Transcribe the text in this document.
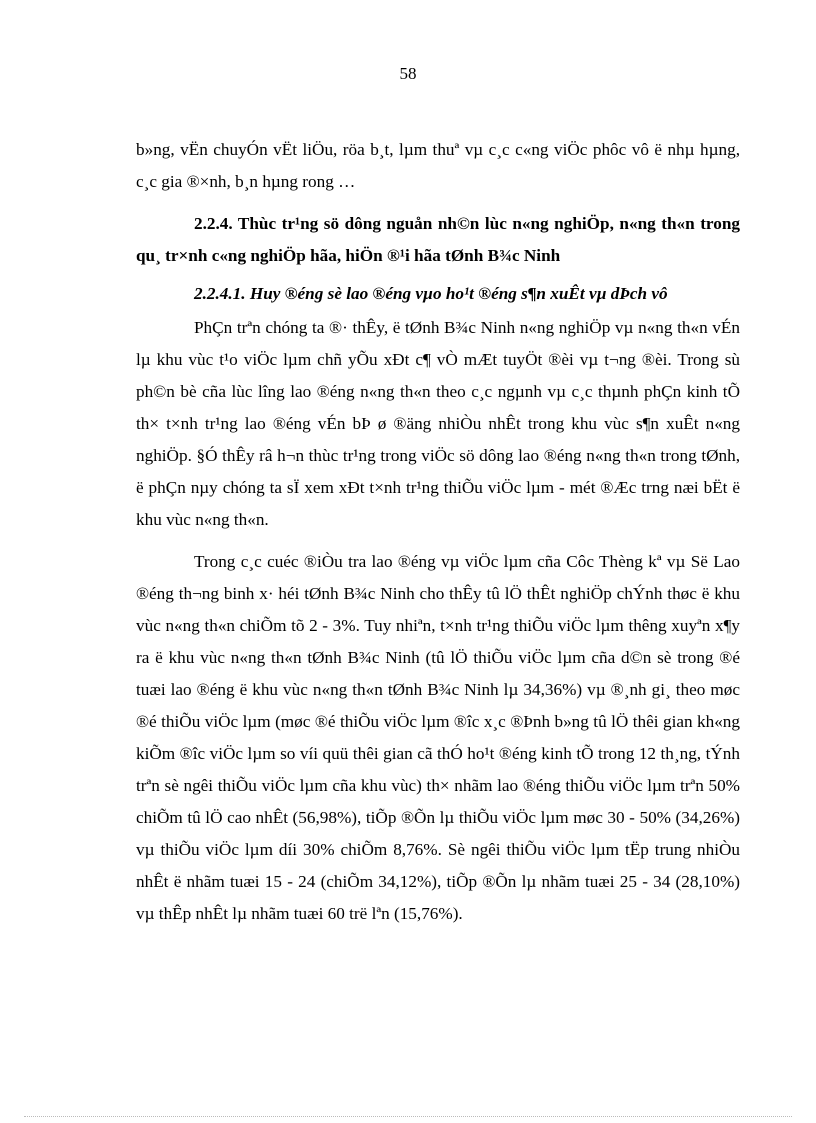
58

b»ng, vËn chuyÓn vËt liÖu, röa b¸t, lµm thuª vµ c¸c c«ng viÖc phôc vô ë nhµ hµng, c¸c gia ®×nh, b¸n hµng rong …

2.2.4. Thùc tr¹ng sö dông nguån nh©n lùc n«ng nghiÖp, n«ng th«n trong qu¸ tr×nh c«ng nghiÖp hãa, hiÖn ®¹i hãa tØnh B¾c Ninh

2.2.4.1. Huy ®éng sè lao ®éng vµo ho¹t ®éng s¶n xuÊt vµ dÞch vô

PhÇn trªn chóng ta ®· thÊy, ë tØnh B¾c Ninh n«ng nghiÖp vµ n«ng th«n vÉn lµ khu vùc t¹o viÖc lµm chñ yÕu xÐt c¶ vÒ mÆt tuyÖt ®èi vµ t¬ng ®èi. Trong sù ph©n bè cña lùc lîng lao ®éng n«ng th«n theo c¸c ngµnh vµ c¸c thµnh phÇn kinh tÕ th× t×nh tr¹ng lao ®éng vÉn bÞ ø ®äng nhiÒu nhÊt trong khu vùc s¶n xuÊt n«ng nghiÖp. §Ó thÊy râ h¬n thùc tr¹ng trong viÖc sö dông lao ®éng n«ng th«n trong tØnh, ë phÇn nµy chóng ta sÏ xem xÐt t×nh tr¹ng thiÕu viÖc lµm - mét ®Æc trng næi bËt ë khu vùc n«ng th«n.

Trong c¸c cuéc ®iÒu tra lao ®éng vµ viÖc lµm cña Côc Thèng kª vµ Së Lao ®éng th¬ng binh x· héi tØnh B¾c Ninh cho thÊy tû lÖ thÊt nghiÖp chÝnh thøc ë khu vùc n«ng th«n chiÕm tõ 2 - 3%. Tuy nhiªn, t×nh tr¹ng thiÕu viÖc lµm thêng xuyªn x¶y ra ë khu vùc n«ng th«n tØnh B¾c Ninh (tû lÖ thiÕu viÖc lµm cña d©n sè trong ®é tuæi lao ®éng ë khu vùc n«ng th«n tØnh B¾c Ninh lµ 34,36%) vµ ®¸nh gi¸ theo møc ®é thiÕu viÖc lµm (møc ®é thiÕu viÖc lµm ®îc x¸c ®Þnh b»ng tû lÖ thêi gian kh«ng kiÕm ®îc viÖc lµm so víi quü thêi gian cã thÓ ho¹t ®éng kinh tÕ trong 12 th¸ng, tÝnh trªn sè ngêi thiÕu viÖc lµm cña khu vùc) th× nhãm lao ®éng thiÕu viÖc lµm trªn 50% chiÕm tû lÖ cao nhÊt (56,98%), tiÕp ®Õn lµ thiÕu viÖc lµm møc 30 - 50% (34,26%) vµ thiÕu viÖc lµm díi 30% chiÕm 8,76%. Sè ngêi thiÕu viÖc lµm tËp trung nhiÒu nhÊt ë nhãm tuæi 15 - 24 (chiÕm 34,12%), tiÕp ®Õn lµ nhãm tuæi 25 - 34 (28,10%) vµ thÊp nhÊt lµ nhãm tuæi 60 trë lªn (15,76%).
